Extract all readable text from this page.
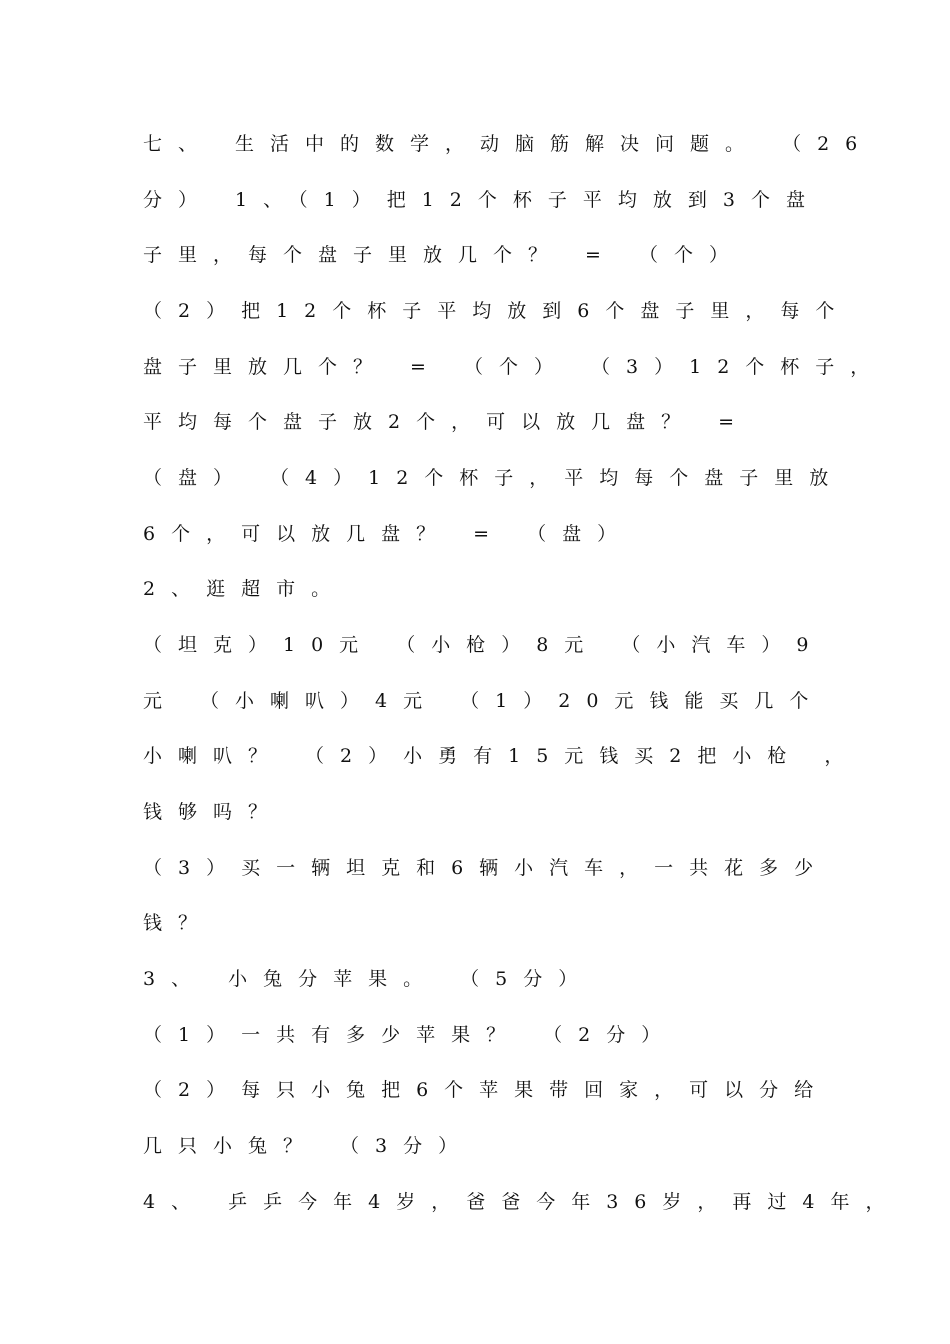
七、 生活中的数学，动脑筋解决问题。 （26
分） 1、（1）把12个杯子平均放到3个盘
子里，每个盘子里放几个？ = （个）
（2）把12个杯子平均放到6个盘子里，每个
盘子里放几个？ = （个） （3）12个杯子，
平均每个盘子放2个，可以放几盘？ =
（盘） （4）12个杯子，平均每个盘子里放
6个，可以放几盘？ = （盘）
2、逛超市。
（坦克）10元 （小枪）8元 （小汽车）9
元 （小喇叭）4元 （1）20元钱能买几个
小喇叭？ （2）小勇有15元钱买2把小枪 ，
钱够吗？
（3）买一辆坦克和6辆小汽车，一共花多少
钱？
3、 小兔分苹果。 （5分）
（1）一共有多少苹果？ （2分）
（2）每只小兔把6个苹果带回家，可以分给
几只小兔？ （3分）
4、 乒乒今年4岁，爸爸今年36岁，再过4年，
